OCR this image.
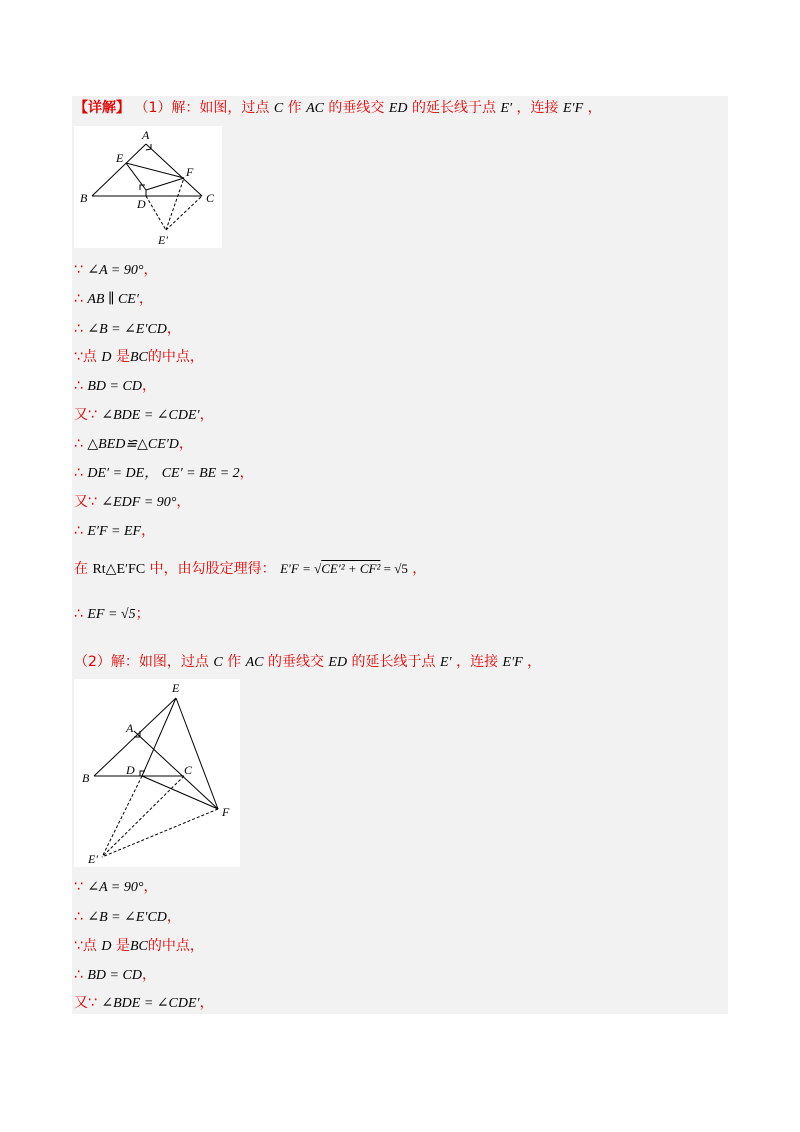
【详解】 （1）解：如图，过点 C 作 AC 的垂线交 ED 的延长线于点 E′ ，连接 E′F ，
A
E
F
B	D	C
E′
∵ ∠A = 90°，
∴ AB ∥ CE′，
∴ ∠B = ∠E′CD，
∵点 D 是BC的中点，
∴ BD = CD，
又∵ ∠BDE = ∠CDE′，
∴ △BED≌△CE′D，
∴ DE′ = DE， CE′ = BE = 2，
又∵ ∠EDF = 90°，
∴ E′F = EF，
在 Rt△E′FC 中，由勾股定理得： E′F = √CE′² + CF² = √5 ，
∴ EF = √5；
（2）解：如图，过点 C 作 AC 的垂线交 ED 的延长线于点 E′ ，连接 E′F ，
E
A
B
D	C
F
E′
∵ ∠A = 90°，
∴ ∠B = ∠E′CD，
∵点 D 是BC的中点，
∴ BD = CD，
又∵ ∠BDE = ∠CDE′，
